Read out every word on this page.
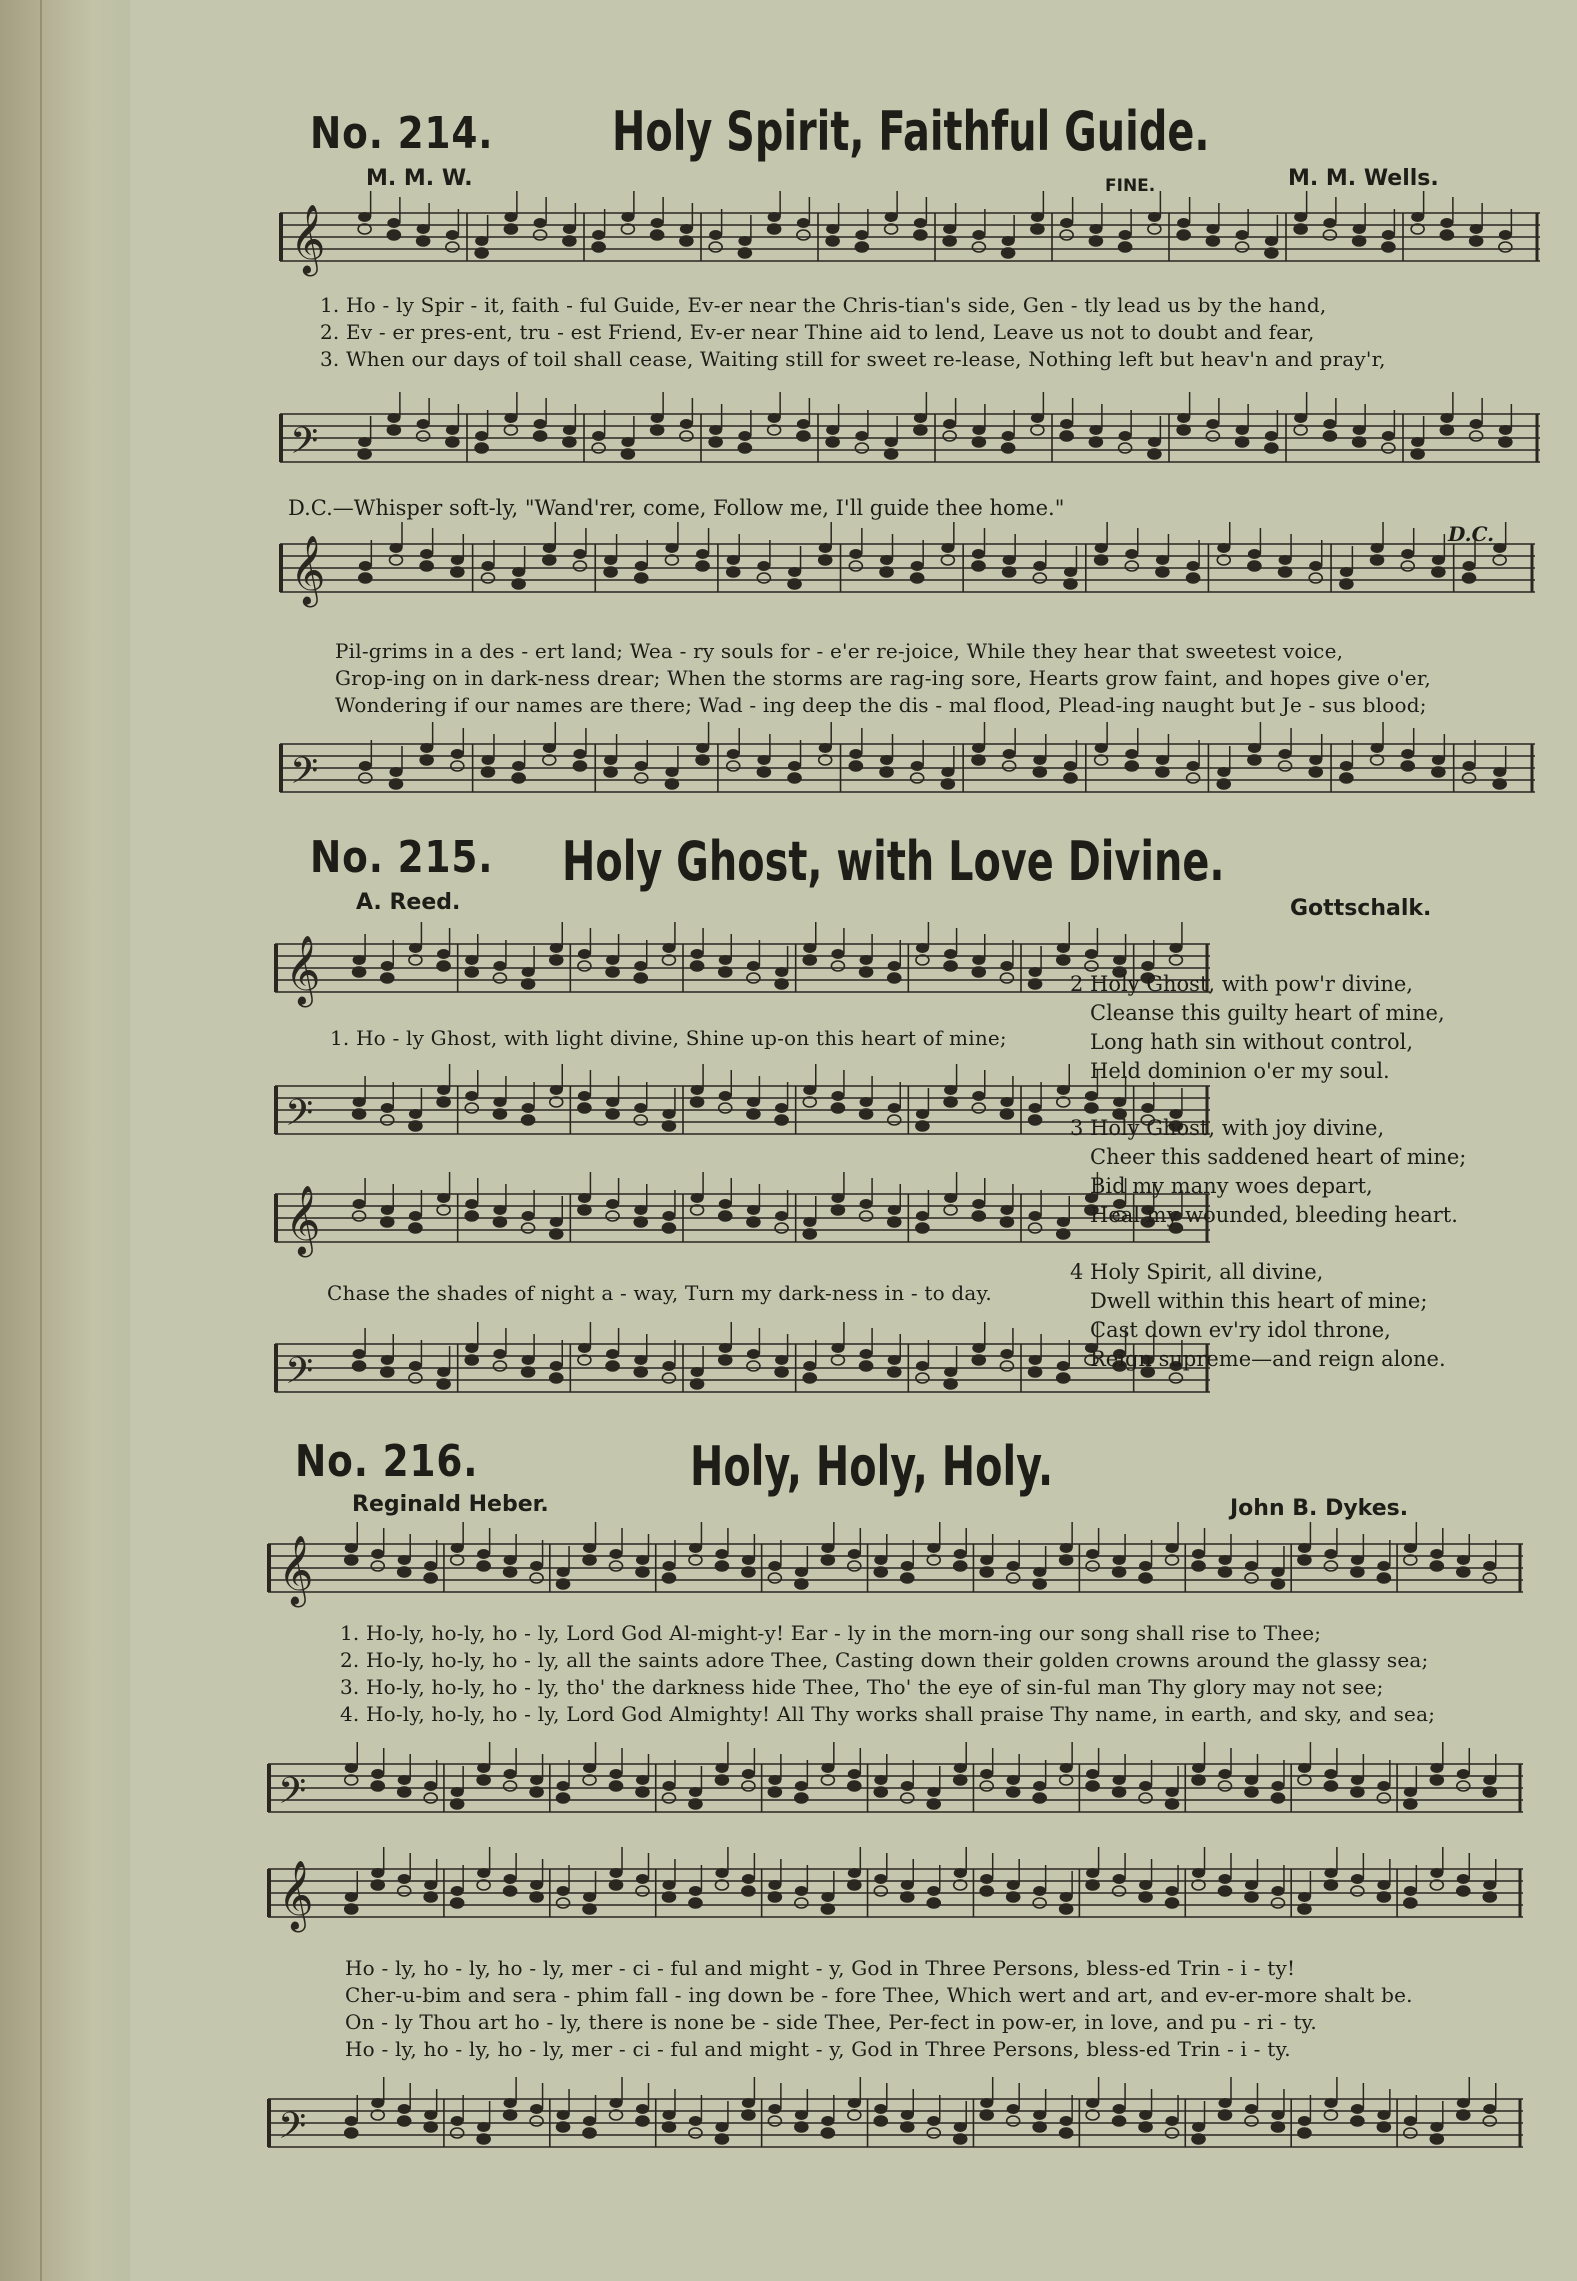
No. 214. Holy Spirit, Faithful Guide.
M. M. W.	M. M. Wells.
FINE.
𝄞
1. Ho - ly Spir - it, faith - ful Guide, Ev-er near the Chris-tian's side, Gen - tly lead us by the hand,
2. Ev - er pres-ent, tru - est Friend, Ev-er near Thine aid to lend, Leave us not to doubt and fear,
3. When our days of toil shall cease, Waiting still for sweet re-lease, Nothing left but heav'n and pray'r,
𝄢
D.C.—Whisper soft-ly, "Wand'rer, come, Follow me, I'll guide thee home."
D.C.
𝄞
Pil-grims in a des - ert land; Wea - ry souls for - e'er re-joice, While they hear that sweetest voice,
Grop-ing on in dark-ness drear; When the storms are rag-ing sore, Hearts grow faint, and hopes give o'er,
Wondering if our names are there; Wad - ing deep the dis - mal flood, Plead-ing naught but Je - sus blood;
𝄢
No. 215. Holy Ghost, with Love Divine.
A. Reed.	Gottschalk.
𝄞
1. Ho - ly Ghost, with light divine, Shine up-on this heart of mine;
𝄢
𝄞
Chase the shades of night a - way, Turn my dark-ness in - to day.
𝄢
2 Holy Ghost, with pow'r divine,
Cleanse this guilty heart of mine,
Long hath sin without control,
Held dominion o'er my soul.
3 Holy Ghost, with joy divine,
Cheer this saddened heart of mine;
Bid my many woes depart,
Heal my wounded, bleeding heart.
4 Holy Spirit, all divine,
Dwell within this heart of mine;
Cast down ev'ry idol throne,
Reign supreme—and reign alone.
No. 216.	Holy, Holy, Holy.
Reginald Heber.	John B. Dykes.
𝄞
1. Ho-ly, ho-ly, ho - ly, Lord God Al-might-y! Ear - ly in the morn-ing our song shall rise to Thee;
2. Ho-ly, ho-ly, ho - ly, all the saints adore Thee, Casting down their golden crowns around the glassy sea;
3. Ho-ly, ho-ly, ho - ly, tho' the darkness hide Thee, Tho' the eye of sin-ful man Thy glory may not see;
4. Ho-ly, ho-ly, ho - ly, Lord God Almighty! All Thy works shall praise Thy name, in earth, and sky, and sea;
𝄢
𝄞
Ho - ly, ho - ly, ho - ly, mer - ci - ful and might - y, God in Three Persons, bless-ed Trin - i - ty!
Cher-u-bim and sera - phim fall - ing down be - fore Thee, Which wert and art, and ev-er-more shalt be.
On - ly Thou art ho - ly, there is none be - side Thee, Per-fect in pow-er, in love, and pu - ri - ty.
Ho - ly, ho - ly, ho - ly, mer - ci - ful and might - y, God in Three Persons, bless-ed Trin - i - ty.
𝄢
